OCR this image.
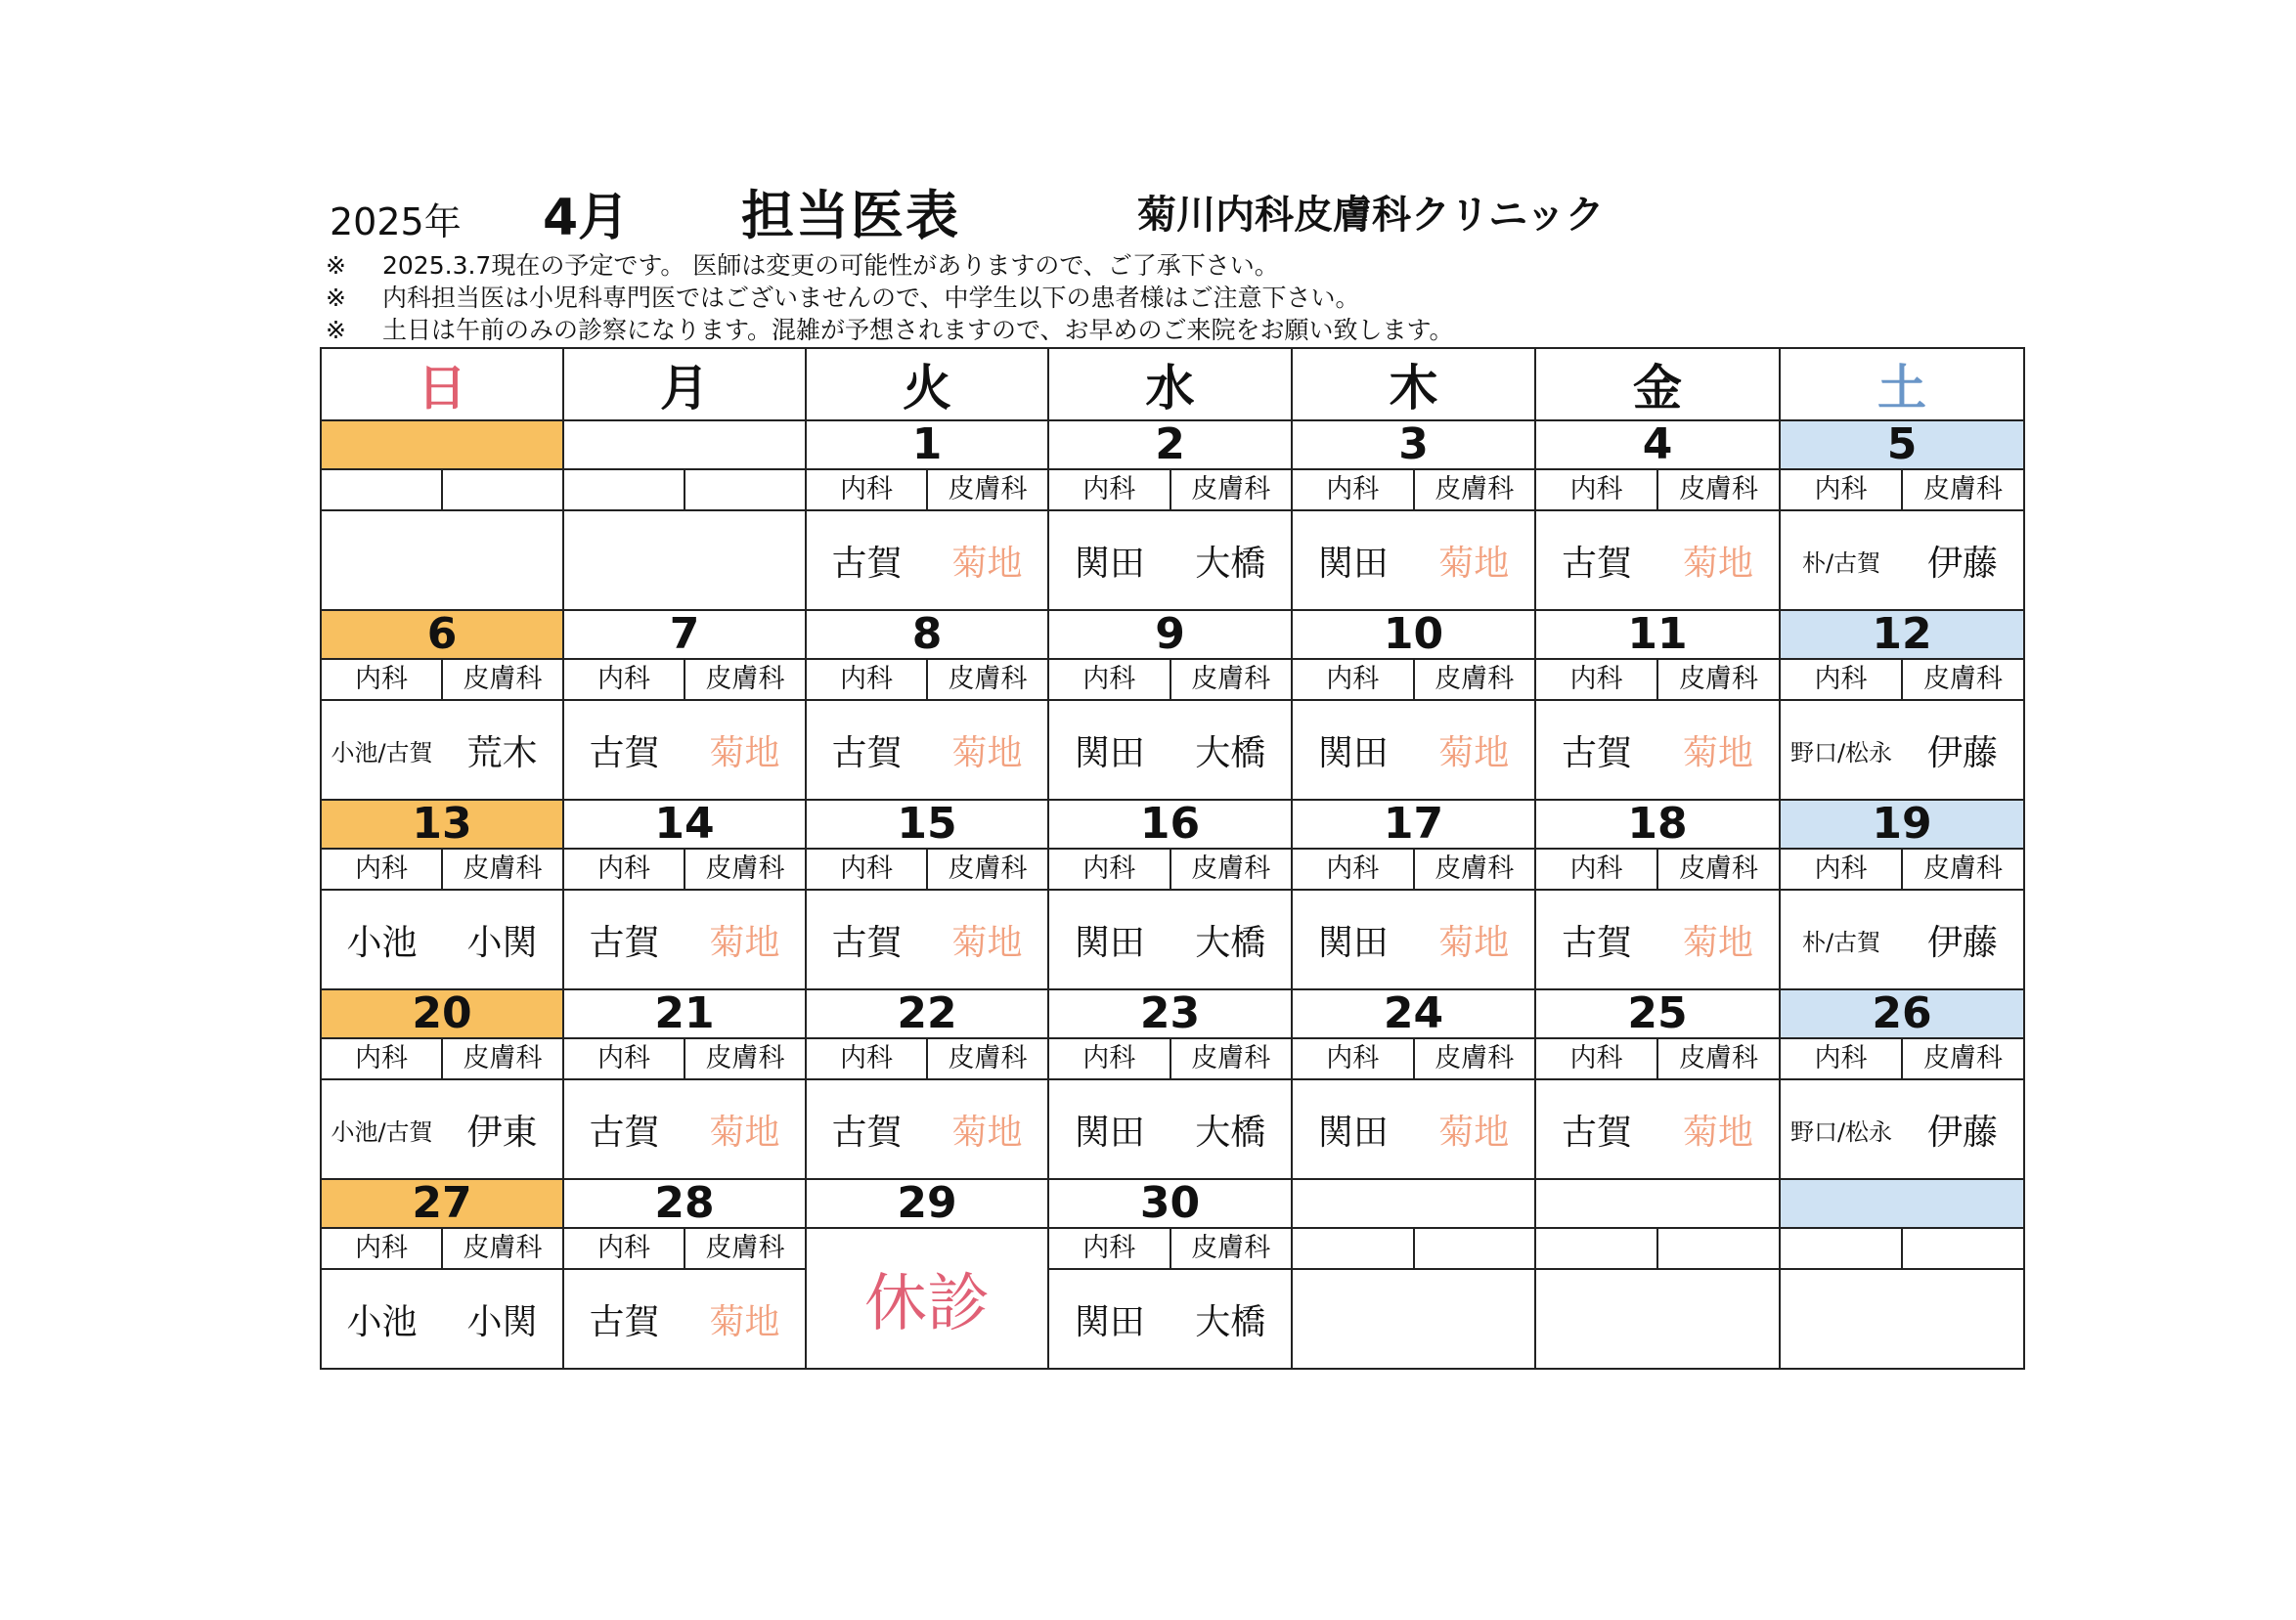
2025年 4月 担当医表	菊川内科皮膚科クリニック
※ 2025.3.7現在の予定です。 医師は変更の可能性がありますので、ご了承下さい。
※ 内科担当医は小児科専門医ではございませんので、中学生以下の患者様はご注意下さい。
※ 土日は午前のみの診察になります。混雑が予想されますので、お早めのご来院をお願い致します。
日	月	火	水	木	金	土
		1	2	3	4	5

		内科 皮膚科	内科 皮膚科	内科 皮膚科	内科 皮膚科	内科 皮膚科

		古賀 菊地	関田 大橋	関田 菊地	古賀 菊地	朴/古賀 伊藤

6	7	8	9	10	11	12

内科 皮膚科	内科 皮膚科	内科 皮膚科	内科 皮膚科	内科 皮膚科	内科 皮膚科	内科 皮膚科

小池/古賀 荒木	古賀 菊地	古賀 菊地	関田 大橋	関田 菊地	古賀 菊地	野口/松永 伊藤

13	14	15	16	17	18	19

内科 皮膚科	内科 皮膚科	内科 皮膚科	内科 皮膚科	内科 皮膚科	内科 皮膚科	内科 皮膚科

小池 小関	古賀 菊地	古賀 菊地	関田 大橋	関田 菊地	古賀 菊地	朴/古賀 伊藤

20	21	22	23	24	25	26

内科 皮膚科	内科 皮膚科	内科 皮膚科	内科 皮膚科	内科 皮膚科	内科 皮膚科	内科 皮膚科

小池/古賀 伊東	古賀 菊地	古賀 菊地	関田 大橋	関田 菊地	古賀 菊地	野口/松永 伊藤

27	28	29	30			

内科 皮膚科	内科 皮膚科	休診	内科 皮膚科			

小池 小関	古賀 菊地		関田 大橋			
